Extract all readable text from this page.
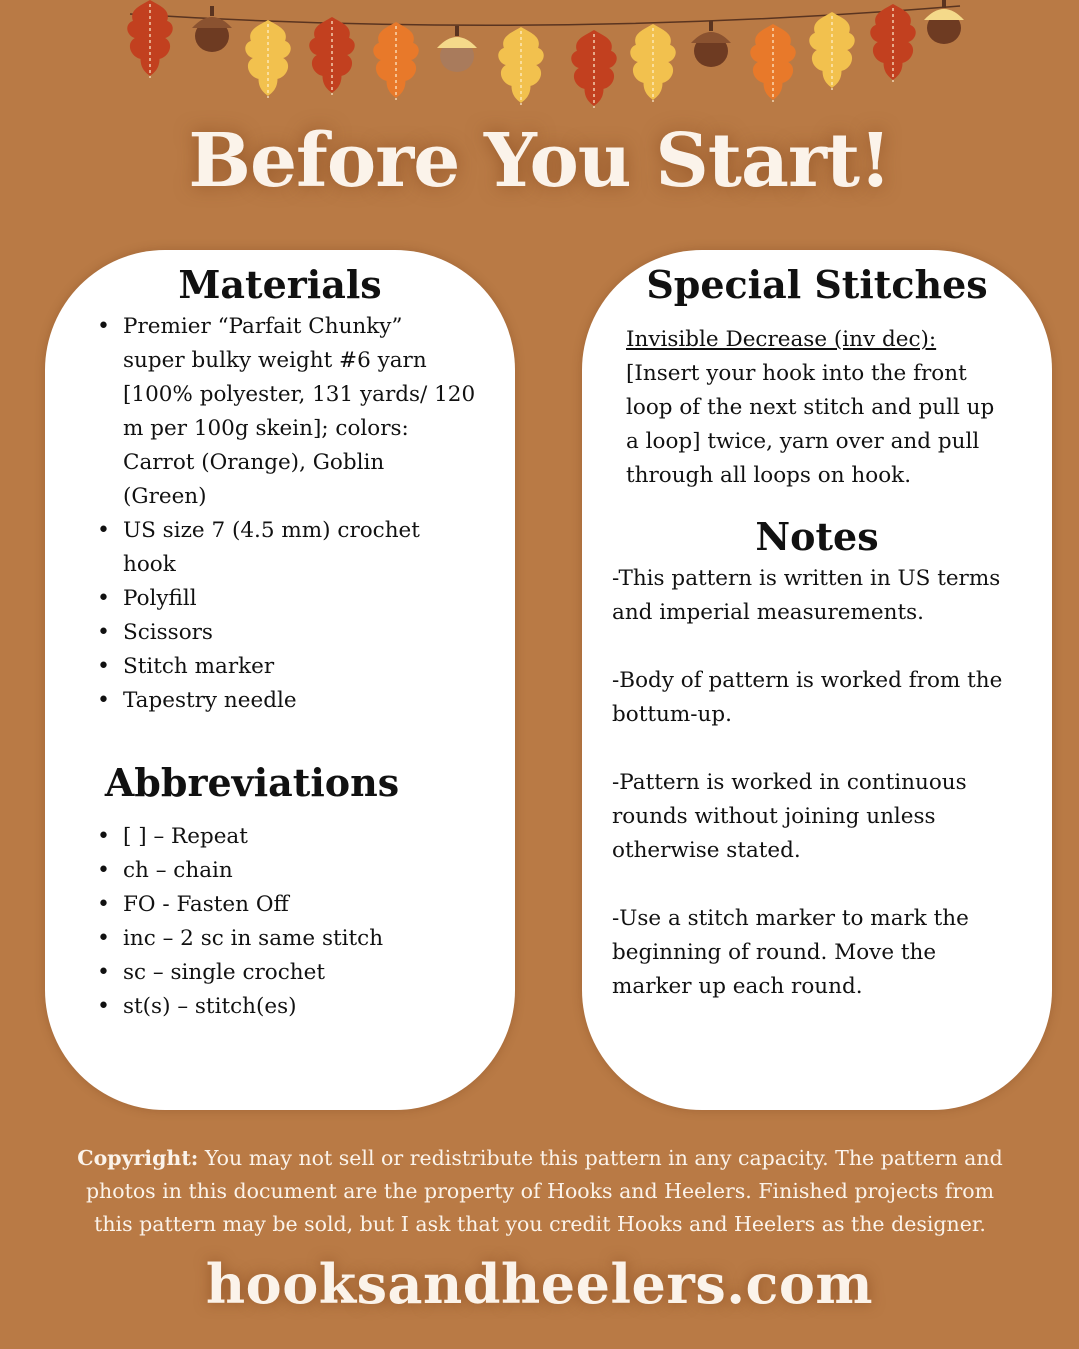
Before You Start!
Materials
• Premier “Parfait Chunky”
super bulky weight #6 yarn
[100% polyester, 131 yards/ 120
m per 100g skein]; colors:
Carrot (Orange), Goblin
(Green)
• US size 7 (4.5 mm) crochet
hook
• Polyfill
• Scissors
• Stitch marker
• Tapestry needle
Abbreviations
• [ ] – Repeat
• ch – chain
• FO - Fasten Off
• inc – 2 sc in same stitch
• sc – single crochet
• st(s) – stitch(es)
Special Stitches
Invisible Decrease (inv dec):
[Insert your hook into the front
loop of the next stitch and pull up
a loop] twice, yarn over and pull
through all loops on hook.
Notes
-This pattern is written in US terms
and imperial measurements.
-Body of pattern is worked from the
bottum-up.
-Pattern is worked in continuous
rounds without joining unless
otherwise stated.
-Use a stitch marker to mark the
beginning of round. Move the
marker up each round.
Copyright: You may not sell or redistribute this pattern in any capacity. The pattern and
photos in this document are the property of Hooks and Heelers. Finished projects from
this pattern may be sold, but I ask that you credit Hooks and Heelers as the designer.
hooksandheelers.com
